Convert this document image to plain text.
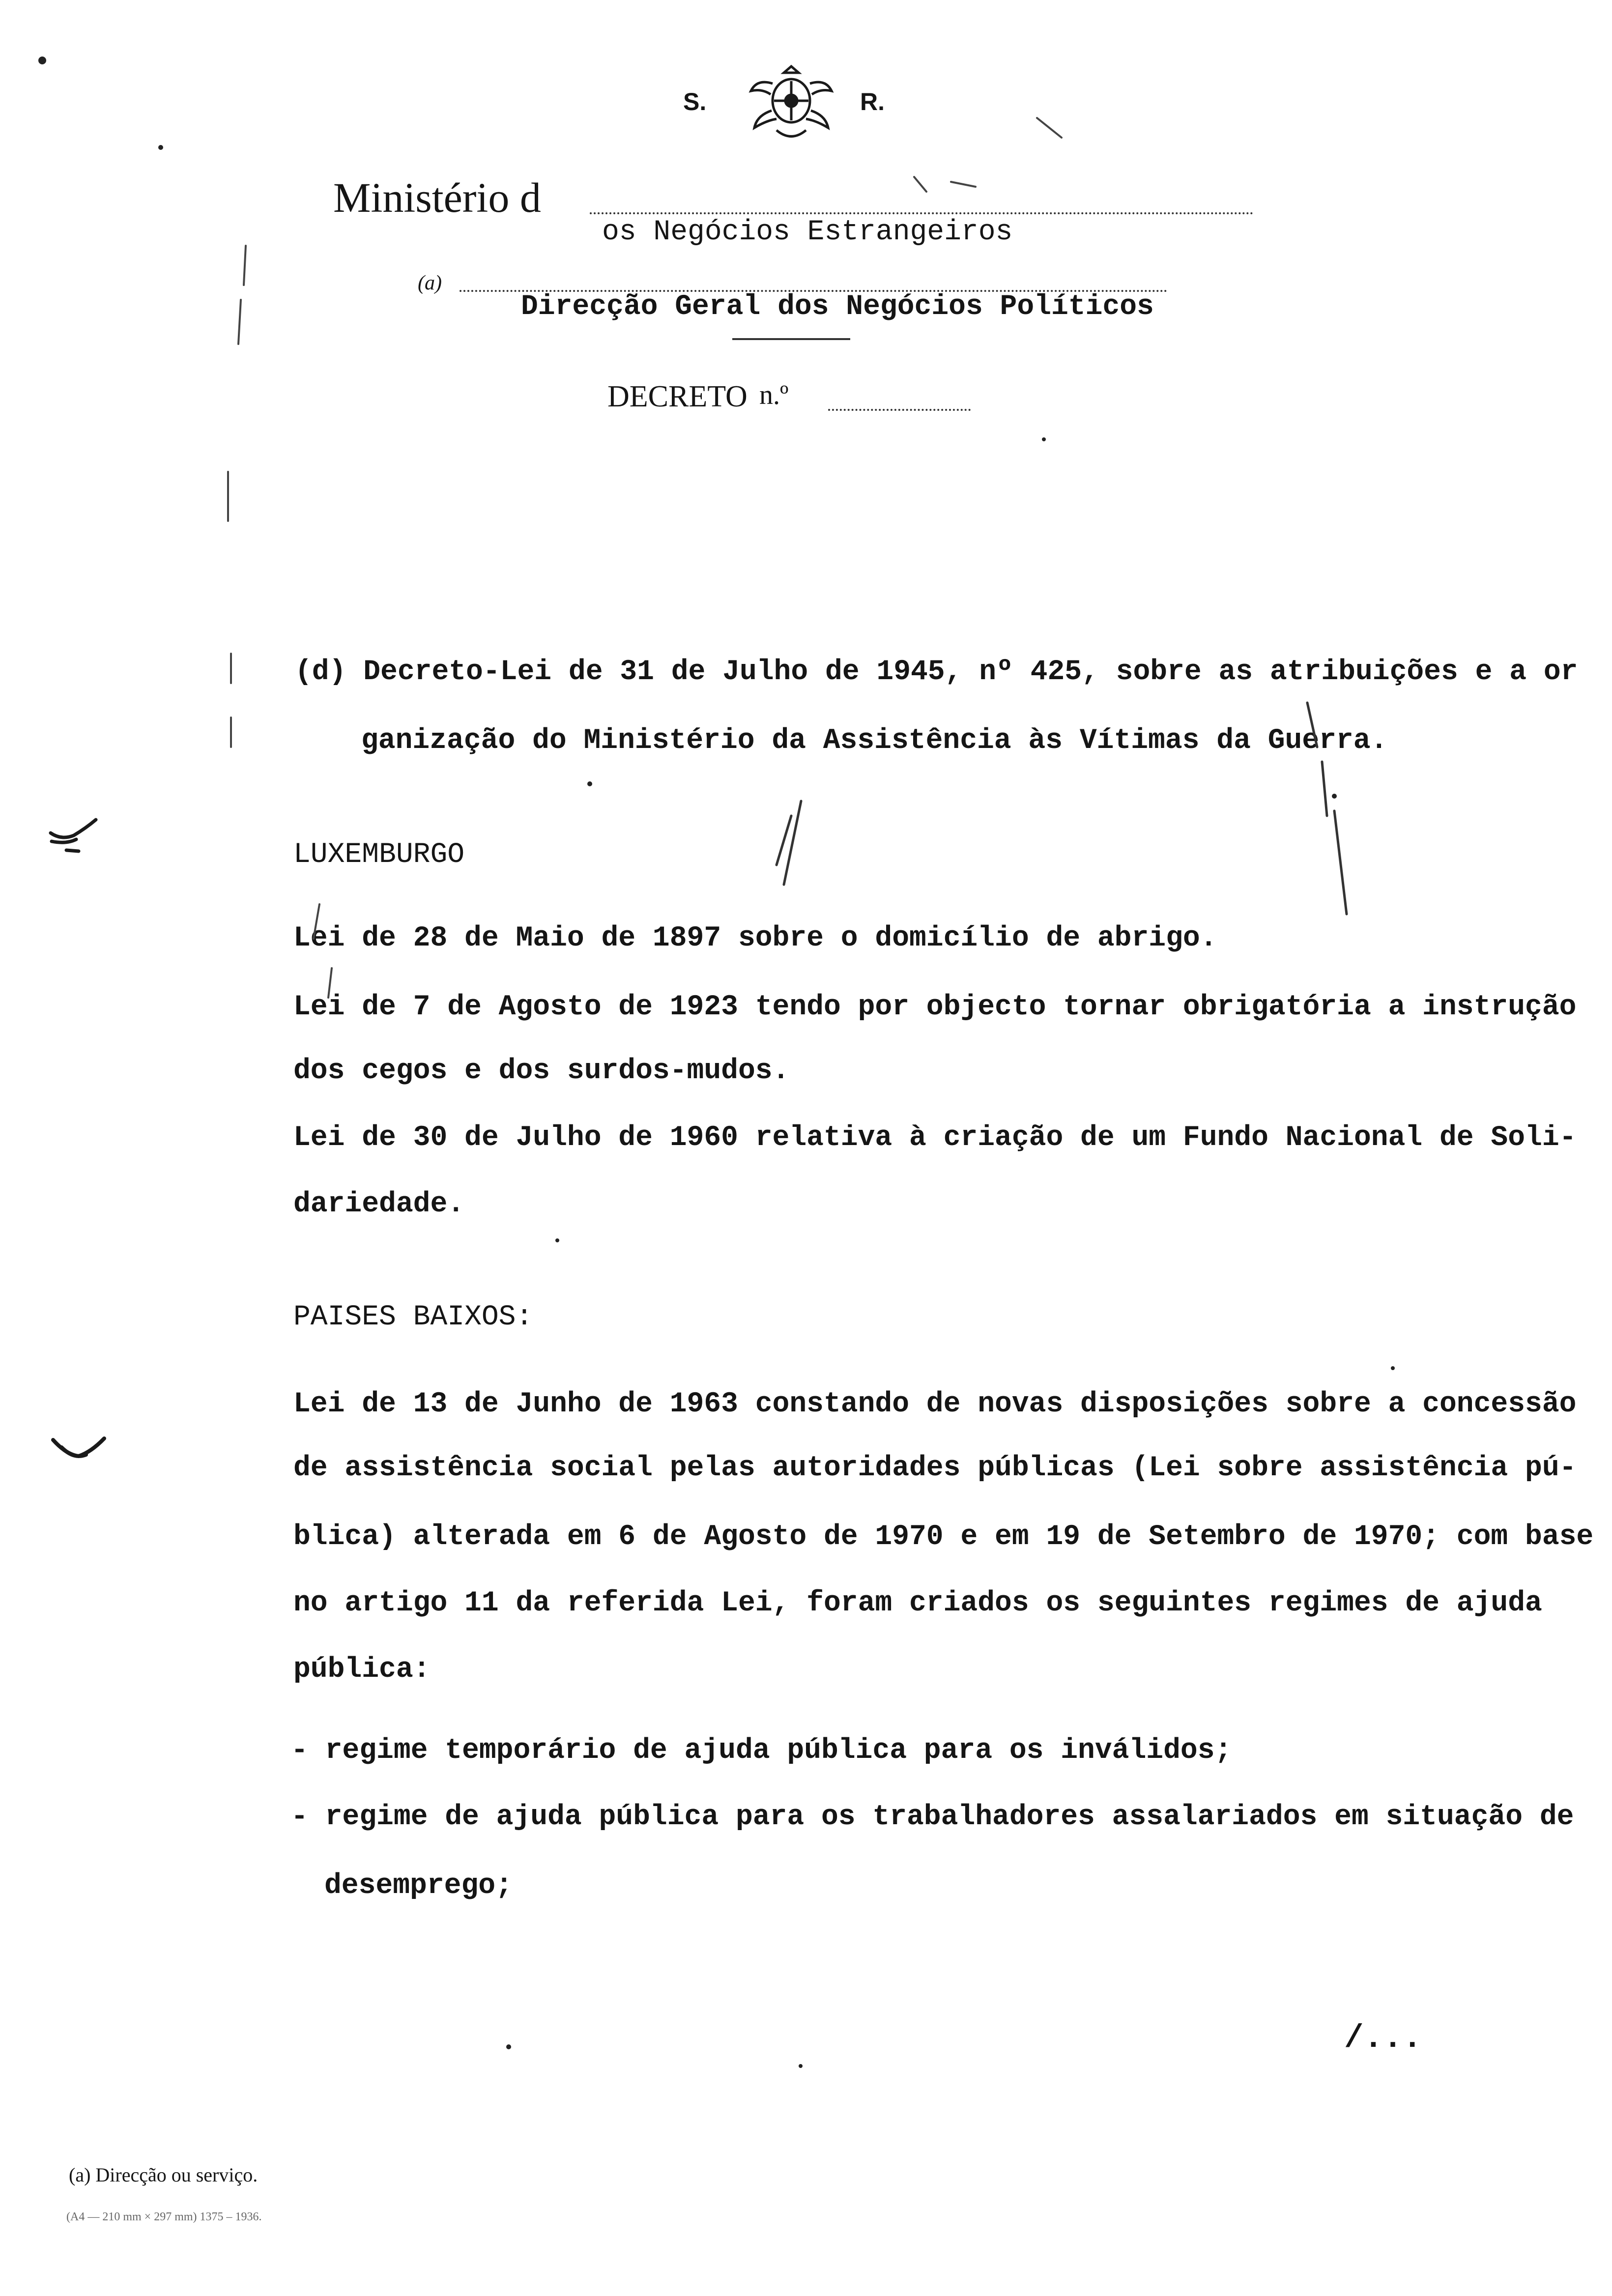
S.	R.
Ministério d
os Negócios Estrangeiros
(a)
Direcção Geral dos Negócios Políticos
DECRETO n.º
(d) Decreto-Lei de 31 de Julho de 1945, nº 425, sobre as atribuições e a or
ganização do Ministério da Assistência às Vítimas da Guerra.
LUXEMBURGO
Lei de 28 de Maio de 1897 sobre o domicílio de abrigo.
Lei de 7 de Agosto de 1923 tendo por objecto tornar obrigatória a instrução
dos cegos e dos surdos-mudos.
Lei de 30 de Julho de 1960 relativa à criação de um Fundo Nacional de Soli-
dariedade.
PAISES BAIXOS:
Lei de 13 de Junho de 1963 constando de novas disposições sobre a concessão
de assistência social pelas autoridades públicas (Lei sobre assistência pú-
blica) alterada em 6 de Agosto de 1970 e em 19 de Setembro de 1970; com base
no artigo 11 da referida Lei, foram criados os seguintes regimes de ajuda
pública:
- regime temporário de ajuda pública para os inválidos;
- regime de ajuda pública para os trabalhadores assalariados em situação de
desemprego;
/...
(a) Direcção ou serviço.
(A4 — 210 mm × 297 mm) 1375 – 1936.
